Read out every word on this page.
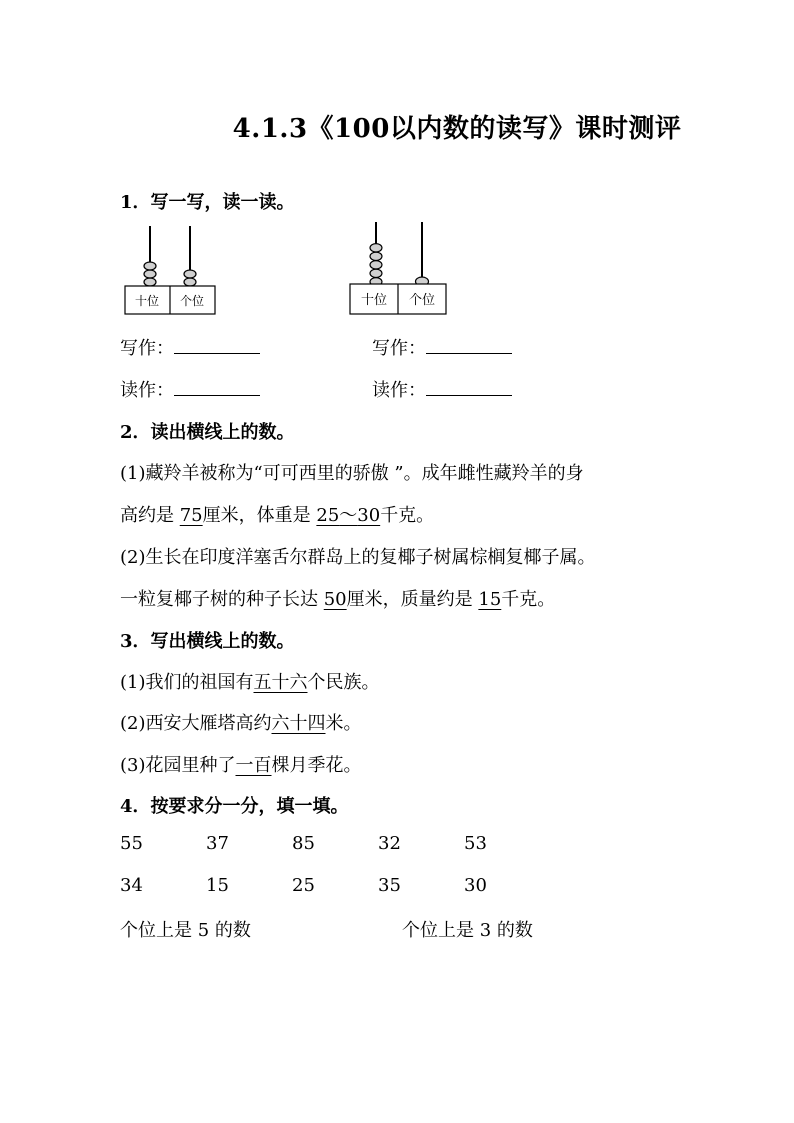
4.1.3《100以内数的读写》课时测评
1．写一写，读一读。
十位 个位	十位 个位
写作：	写作：
读作：	读作：
2．读出横线上的数。
(1)藏羚羊被称为“可可西里的骄傲 ”。成年雌性藏羚羊的身
高约是 75厘米，体重是 25～30千克。
(2)生长在印度洋塞舌尔群岛上的复椰子树属棕榈复椰子属。
一粒复椰子树的种子长达 50厘米，质量约是 15千克。
3．写出横线上的数。
(1)我们的祖国有五十六个民族。
(2)西安大雁塔高约六十四米。
(3)花园里种了一百棵月季花。
4．按要求分一分，填一填。
55	37	85	32	53
34	15	25	35	30
个位上是 5 的数	个位上是 3 的数
